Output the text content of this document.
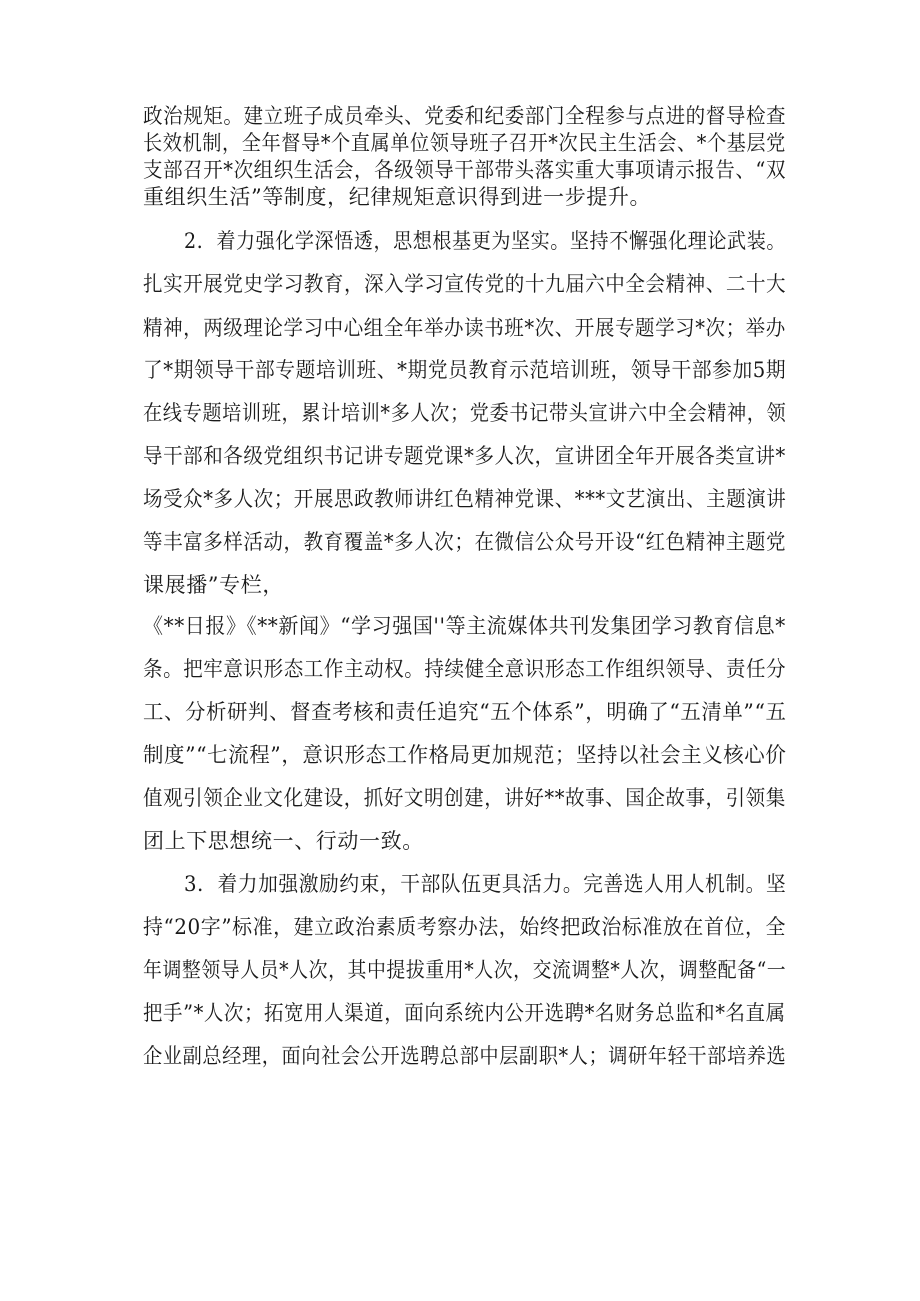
政治规矩。建立班子成员牵头、党委和纪委部门全程参与点进的督导检查
长效机制，全年督导*个直属单位领导班子召开*次民主生活会、*个基层党
支部召开*次组织生活会，各级领导干部带头落实重大事项请示报告、“双
重组织生活”等制度，纪律规矩意识得到进一步提升。
2．着力强化学深悟透，思想根基更为坚实。坚持不懈强化理论武装。
扎实开展党史学习教育，深入学习宣传党的十九届六中全会精神、二十大
精神，两级理论学习中心组全年举办读书班*次、开展专题学习*次；举办
了*期领导干部专题培训班、*期党员教育示范培训班，领导干部参加5期
在线专题培训班，累计培训*多人次；党委书记带头宣讲六中全会精神，领
导干部和各级党组织书记讲专题党课*多人次，宣讲团全年开展各类宣讲*
场受众*多人次；开展思政教师讲红色精神党课、***文艺演出、主题演讲
等丰富多样活动，教育覆盖*多人次；在微信公众号开设“红色精神主题党
课展播”专栏，
《**日报》《**新闻》“学习强国''等主流媒体共刊发集团学习教育信息*
条。把牢意识形态工作主动权。持续健全意识形态工作组织领导、责任分
工、分析研判、督查考核和责任追究“五个体系”，明确了“五清单”“五
制度”“七流程”，意识形态工作格局更加规范；坚持以社会主义核心价
值观引领企业文化建设，抓好文明创建，讲好**故事、国企故事，引领集
团上下思想统一、行动一致。
3．着力加强激励约束，干部队伍更具活力。完善选人用人机制。坚
持“20字”标准，建立政治素质考察办法，始终把政治标准放在首位，全
年调整领导人员*人次，其中提拔重用*人次，交流调整*人次，调整配备“一
把手”*人次；拓宽用人渠道，面向系统内公开选聘*名财务总监和*名直属
企业副总经理，面向社会公开选聘总部中层副职*人；调研年轻干部培养选
